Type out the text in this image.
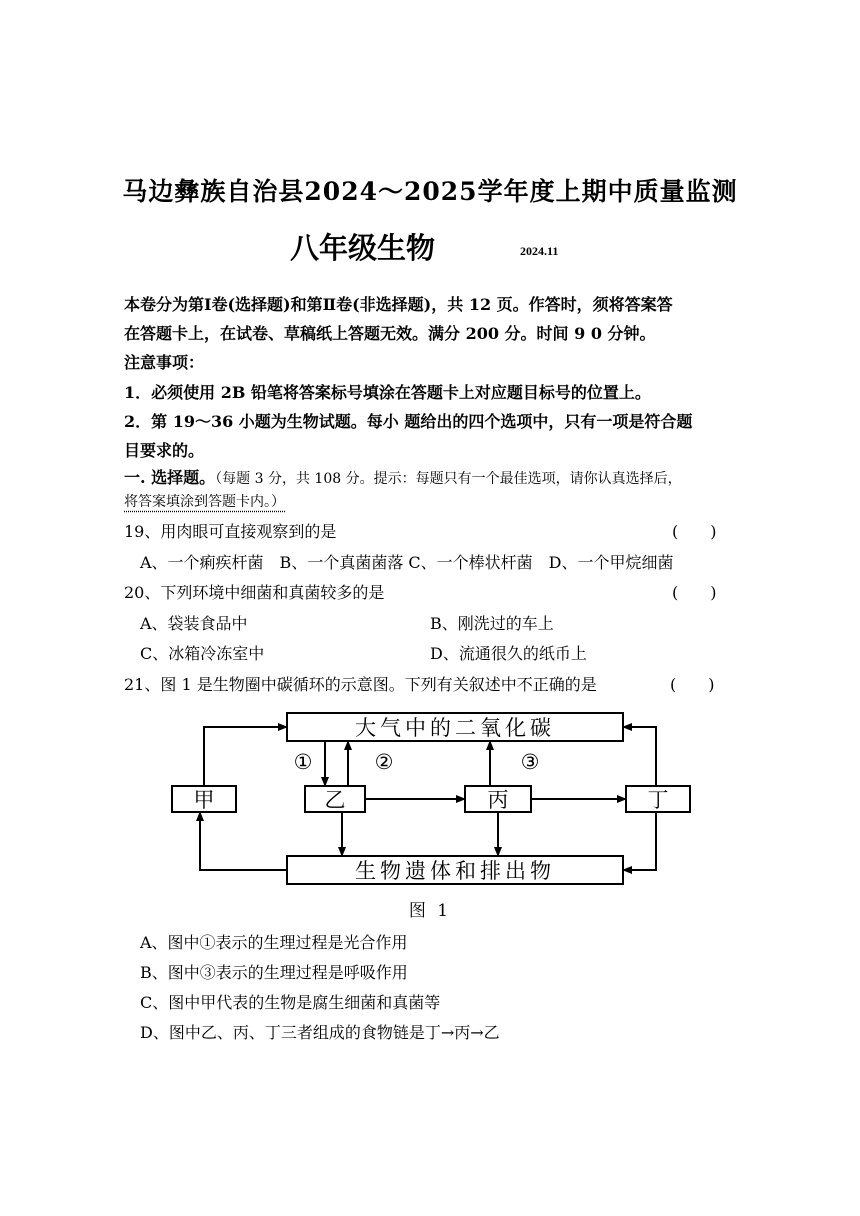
马边彝族自治县2024～2025学年度上期中质量监测
八年级生物	2024.11
本卷分为第Ⅰ卷(选择题)和第Ⅱ卷(非选择题)，共 12 页。作答时，须将答案答
在答题卡上，在试卷、草稿纸上答题无效。满分 200 分。时间 9 0 分钟。
注意事项：
1．必须使用 2B 铅笔将答案标号填涂在答题卡上对应题目标号的位置上。
2．第 19～36 小题为生物试题。每小 题给出的四个选项中，只有一项是符合题
目要求的。
一. 选择题。（每题 3 分，共 108 分。提示：每题只有一个最佳选项，请你认真选择后，
将答案填涂到答题卡内。）
19、用肉眼可直接观察到的是	(　　)
A、一个痢疾杆菌　B、一个真菌菌落 C、一个棒状杆菌　D、一个甲烷细菌
20、下列环境中细菌和真菌较多的是	(　　)
A、袋装食品中	B、刚洗过的车上
C、冰箱冷冻室中	D、流通很久的纸币上
21、图 1 是生物圈中碳循环的示意图。下列有关叙述中不正确的是	(　　)
大气中的二氧化碳
生物遗体和排出物
甲	乙	丙	丁
①	②	③
图 1
A、图中①表示的生理过程是光合作用
B、图中③表示的生理过程是呼吸作用
C、图中甲代表的生物是腐生细菌和真菌等
D、图中乙、丙、丁三者组成的食物链是丁→丙→乙
